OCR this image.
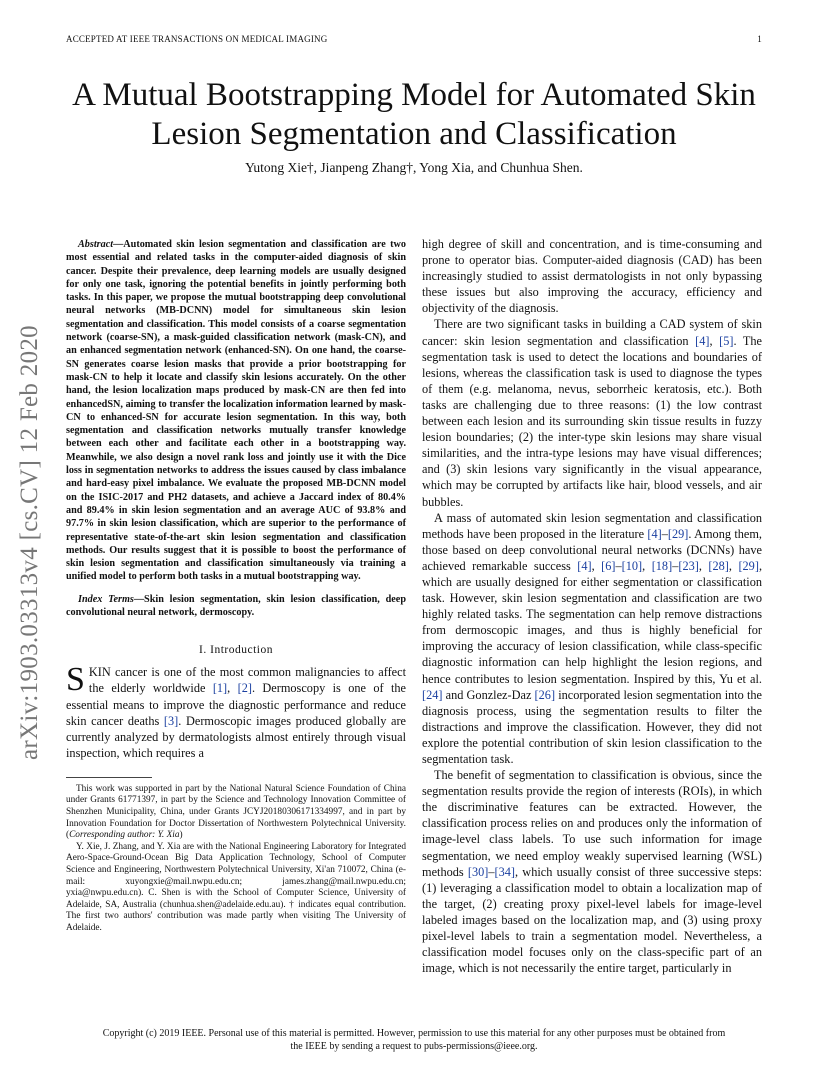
ACCEPTED AT IEEE TRANSACTIONS ON MEDICAL IMAGING	1
arXiv:1903.03313v4 [cs.CV] 12 Feb 2020
A Mutual Bootstrapping Model for Automated Skin Lesion Segmentation and Classification
Yutong Xie†, Jianpeng Zhang†, Yong Xia, and Chunhua Shen.

Abstract—Automated skin lesion segmentation and classification are two most essential and related tasks in the computer-aided diagnosis of skin cancer. Despite their prevalence, deep learning models are usually designed for only one task, ignoring the potential benefits in jointly performing both tasks. In this paper, we propose the mutual bootstrapping deep convolutional neural networks (MB-DCNN) model for simultaneous skin lesion segmentation and classification. This model consists of a coarse segmentation network (coarse-SN), a mask-guided classification network (mask-CN), and an enhanced segmentation network (enhanced-SN). On one hand, the coarse-SN generates coarse lesion masks that provide a prior bootstrapping for mask-CN to help it locate and classify skin lesions accurately. On the other hand, the lesion localization maps produced by mask-CN are then fed into enhancedSN, aiming to transfer the localization information learned by mask-CN to enhanced-SN for accurate lesion segmentation. In this way, both segmentation and classification networks mutually transfer knowledge between each other and facilitate each other in a bootstrapping way. Meanwhile, we also design a novel rank loss and jointly use it with the Dice loss in segmentation networks to address the issues caused by class imbalance and hard-easy pixel imbalance. We evaluate the proposed MB-DCNN model on the ISIC-2017 and PH2 datasets, and achieve a Jaccard index of 80.4% and 89.4% in skin lesion segmentation and an average AUC of 93.8% and 97.7% in skin lesion classification, which are superior to the performance of representative state-of-the-art skin lesion segmentation and classification methods. Our results suggest that it is possible to boost the performance of skin lesion segmentation and classification simultaneously via training a unified model to perform both tasks in a mutual bootstrapping way.

Index Terms—Skin lesion segmentation, skin lesion classification, deep convolutional neural network, dermoscopy.

I. Introduction

SKIN cancer is one of the most common malignancies to affect the elderly worldwide [1], [2]. Dermoscopy is one of the essential means to improve the diagnostic performance and reduce skin cancer deaths [3]. Dermoscopic images produced globally are currently analyzed by dermatologists almost entirely through visual inspection, which requires a

This work was supported in part by the National Natural Science Foundation of China under Grants 61771397, in part by the Science and Technology Innovation Committee of Shenzhen Municipality, China, under Grants JCYJ20180306171334997, and in part by Innovation Foundation for Doctor Dissertation of Northwestern Polytechnical University. (Corresponding author: Y. Xia)

Y. Xie, J. Zhang, and Y. Xia are with the National Engineering Laboratory for Integrated Aero-Space-Ground-Ocean Big Data Application Technology, School of Computer Science and Engineering, Northwestern Polytechnical University, Xi'an 710072, China (e-mail: xuyongxie@mail.nwpu.edu.cn; james.zhang@mail.nwpu.edu.cn; yxia@nwpu.edu.cn). C. Shen is with the School of Computer Science, University of Adelaide, SA, Australia (chunhua.shen@adelaide.edu.au). † indicates equal contribution. The first two authors' contribution was made partly when visiting The University of Adelaide.

high degree of skill and concentration, and is time-consuming and prone to operator bias. Computer-aided diagnosis (CAD) has been increasingly studied to assist dermatologists in not only bypassing these issues but also improving the accuracy, efficiency and objectivity of the diagnosis.

There are two significant tasks in building a CAD system of skin cancer: skin lesion segmentation and classification [4], [5]. The segmentation task is used to detect the locations and boundaries of lesions, whereas the classification task is used to diagnose the types of them (e.g. melanoma, nevus, seborrheic keratosis, etc.). Both tasks are challenging due to three reasons: (1) the low contrast between each lesion and its surrounding skin tissue results in fuzzy lesion boundaries; (2) the inter-type skin lesions may share visual similarities, and the intra-type lesions may have visual differences; and (3) skin lesions vary significantly in the visual appearance, which may be corrupted by artifacts like hair, blood vessels, and air bubbles.

A mass of automated skin lesion segmentation and classification methods have been proposed in the literature [4]–[29]. Among them, those based on deep convolutional neural networks (DCNNs) have achieved remarkable success [4], [6]–[10], [18]–[23], [28], [29], which are usually designed for either segmentation or classification task. However, skin lesion segmentation and classification are two highly related tasks. The segmentation can help remove distractions from dermoscopic images, and thus is highly beneficial for improving the accuracy of lesion classification, while class-specific diagnostic information can help highlight the lesion regions, and hence contributes to lesion segmentation. Inspired by this, Yu et al. [24] and Gonzlez-Daz [26] incorporated lesion segmentation into the diagnosis process, using the segmentation results to filter the distractions and improve the classification. However, they did not explore the potential contribution of skin lesion classification to the segmentation task.

The benefit of segmentation to classification is obvious, since the segmentation results provide the region of interests (ROIs), in which the discriminative features can be extracted. However, the classification process relies on and produces only the information of image-level class labels. To use such information for image segmentation, we need employ weakly supervised learning (WSL) methods [30]–[34], which usually consist of three successive steps: (1) leveraging a classification model to obtain a localization map of the target, (2) creating proxy pixel-level labels for image-level labeled images based on the localization map, and (3) using proxy pixel-level labels to train a segmentation model. Nevertheless, a classification model focuses only on the class-specific part of an image, which is not necessarily the entire target, particularly in

Copyright (c) 2019 IEEE. Personal use of this material is permitted. However, permission to use this material for any other purposes must be obtained from
the IEEE by sending a request to pubs-permissions@ieee.org.
